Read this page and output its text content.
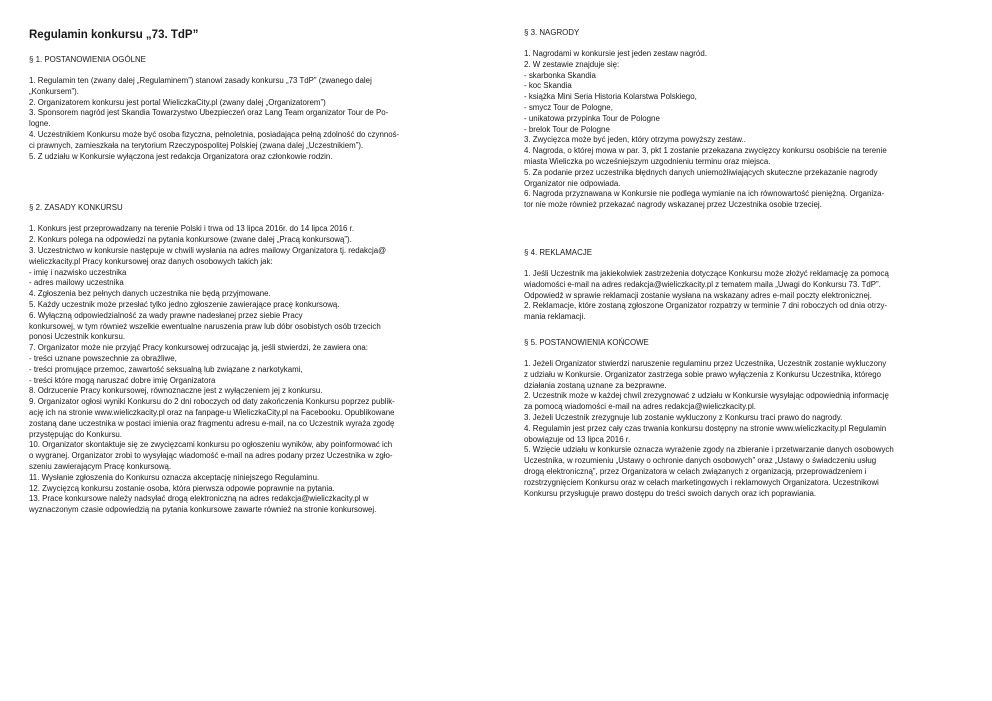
Regulamin konkursu „73. TdP”

§ 1. POSTANOWIENIA OGÓLNE

1. Regulamin ten (zwany dalej „Regulaminem”) stanowi zasady konkursu „73 TdP” (zwanego dalej
„Konkursem”).
2. Organizatorem konkursu jest portal WieliczkaCity.pl (zwany dalej „Organizatorem”)
3. Sponsorem nagród jest Skandia Towarzystwo Ubezpieczeń oraz Lang Team organizator Tour de Po-
logne.
4. Uczestnikiem Konkursu może być osoba fizyczna, pełnoletnia, posiadająca pełną zdolność do czynnoś-
ci prawnych, zamieszkała na terytorium Rzeczypospolitej Polskiej (zwana dalej „Uczestnikiem”).
5. Z udziału w Konkursie wyłączona jest redakcja Organizatora oraz członkowie rodzin.

§ 2. ZASADY KONKURSU

1. Konkurs jest przeprowadzany na terenie Polski i trwa od 13 lipca 2016r. do 14 lipca 2016 r.
2. Konkurs polega na odpowiedzi na pytania konkursowe (zwane dalej „Pracą konkursową”).
3. Uczestnictwo w konkursie następuje w chwili wysłania na adres mailowy Organizatora tj. redakcja@
wieliczkacity.pl Pracy konkursowej oraz danych osobowych takich jak:
- imię i nazwisko uczestnika
- adres mailowy uczestnika
4. Zgłoszenia bez pełnych danych uczestnika nie będą przyjmowane.
5. Każdy uczestnik może przesłać tylko jedno zgłoszenie zawierające pracę konkursową.
6. Wyłączną odpowiedzialność za wady prawne nadesłanej przez siebie Pracy
konkursowej, w tym również wszelkie ewentualne naruszenia praw lub dóbr osobistych osób trzecich
ponosi Uczestnik konkursu.
7. Organizator może nie przyjąć Pracy konkursowej odrzucając ją, jeśli stwierdzi, że zawiera ona:
- treści uznane powszechnie za obraźliwe,
- treści promujące przemoc, zawartość seksualną lub związane z narkotykami,
- treści które mogą naruszać dobre imię Organizatora
8. Odrzucenie Pracy konkursowej, równoznaczne jest z wyłączeniem jej z konkursu.
9. Organizator ogłosi wyniki Konkursu do 2 dni roboczych od daty zakończenia Konkursu poprzez publik-
ację ich na stronie www.wieliczkacity.pl oraz na fanpage-u WieliczkaCity.pl na Facebooku. Opublikowane
zostaną dane uczestnika w postaci imienia oraz fragmentu adresu e-mail, na co Uczestnik wyraża zgodę
przystępując do Konkursu.
10. Organizator skontaktuje się ze zwycięzcami konkursu po ogłoszeniu wyników, aby poinformować ich
o wygranej. Organizator zrobi to wysyłając wiadomość e-mail na adres podany przez Uczestnika w zgło-
szeniu zawierającym Pracę konkursową.
11. Wysłanie zgłoszenia do Konkursu oznacza akceptację niniejszego Regulaminu.
12. Zwycięzcą konkursu zostanie osoba, która pierwsza odpowie poprawnie na pytania.
13. Prace konkursowe należy nadsyłać drogą elektroniczną na adres redakcja@wieliczkacity.pl w
wyznaczonym czasie odpowiedzią na pytania konkursowe zawarte również na stronie konkursowej.

§ 3. NAGRODY

1. Nagrodami w konkursie jest jeden zestaw nagród.
2. W zestawie znajduje się:
- skarbonka Skandia
- koc Skandia
- książka Mini Seria Historia Kolarstwa Polskiego,
- smycz Tour de Pologne,
- unikatowa przypinka Tour de Pologne
- brelok Tour de Pologne
3. Zwycięzca może być jeden, który otrzyma powyższy zestaw..
4. Nagroda, o której mowa w par. 3, pkt 1 zostanie przekazana zwycięzcy konkursu osobiście na terenie
miasta Wieliczka po wcześniejszym uzgodnieniu terminu oraz miejsca.
5. Za podanie przez uczestnika błędnych danych uniemożliwiających skuteczne przekazanie nagrody
Organizator nie odpowiada.
6. Nagroda przyznawana w Konkursie nie podlega wymianie na ich równowartość pieniężną. Organiza-
tor nie może również przekazać nagrody wskazanej przez Uczestnika osobie trzeciej.

§ 4. REKLAMACJE

1. Jeśli Uczestnik ma jakiekolwiek zastrzeżenia dotyczące Konkursu może złożyć reklamację za pomocą
wiadomości e-mail na adres redakcja@wieliczkacity.pl z tematem maila „Uwagi do Konkursu 73. TdP”.
Odpowiedź w sprawie reklamacji zostanie wysłana na wskazany adres e-mail poczty elektronicznej.
2. Reklamacje, które zostaną zgłoszone Organizator rozpatrzy w terminie 7 dni roboczych od dnia otrzy-
mania reklamacji.

§ 5. POSTANOWIENIA KOŃCOWE

1. Jeżeli Organizator stwierdzi naruszenie regulaminu przez Uczestnika, Uczestnik zostanie wykluczony
z udziału w Konkursie. Organizator zastrzega sobie prawo wyłączenia z Konkursu Uczestnika, którego
działania zostaną uznane za bezprawne.
2. Uczestnik może w każdej chwil zrezygnować z udziału w Konkursie wysyłając odpowiednią informację
za pomocą wiadomości e-mail na adres redakcja@wieliczkacity.pl.
3. Jeżeli Uczestnik zrezygnuje lub zostanie wykluczony z Konkursu traci prawo do nagrody.
4. Regulamin jest przez cały czas trwania konkursu dostępny na stronie www.wieliczkacity.pl Regulamin
obowiązuje od 13 lipca 2016 r.
5. Wzięcie udziału w konkursie oznacza wyrażenie zgody na zbieranie i przetwarzanie danych osobowych
Uczestnika, w rozumieniu „Ustawy o ochronie danych osobowych” oraz „Ustawy o świadczeniu usług
drogą elektroniczną”, przez Organizatora w celach związanych z organizacją, przeprowadzeniem i
rozstrzygnięciem Konkursu oraz w celach marketingowych i reklamowych Organizatora. Uczestnikowi
Konkursu przysługuje prawo dostępu do treści swoich danych oraz ich poprawiania.
